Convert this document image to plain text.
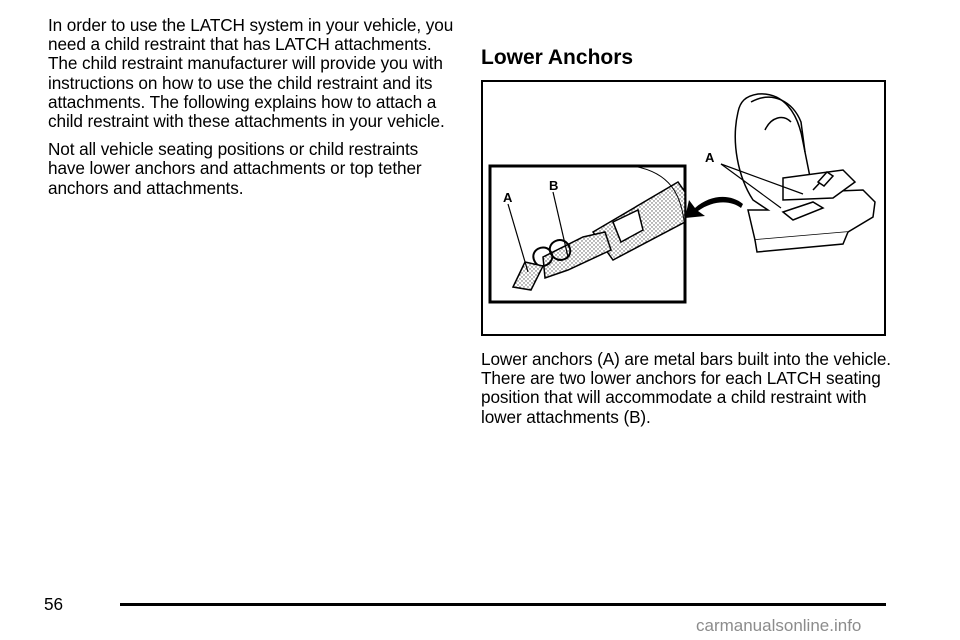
In order to use the LATCH system in your vehicle, you need a child restraint that has LATCH attachments. The child restraint manufacturer will provide you with instructions on how to use the child restraint and its attachments. The following explains how to attach a child restraint with these attachments in your vehicle.

Not all vehicle seating positions or child restraints have lower anchors and attachments or top tether anchors and attachments.

Lower Anchors
A
B
A

Lower anchors (A) are metal bars built into the vehicle. There are two lower anchors for each LATCH seating position that will accommodate a child restraint with lower attachments (B).

56
carmanualsonline.info
